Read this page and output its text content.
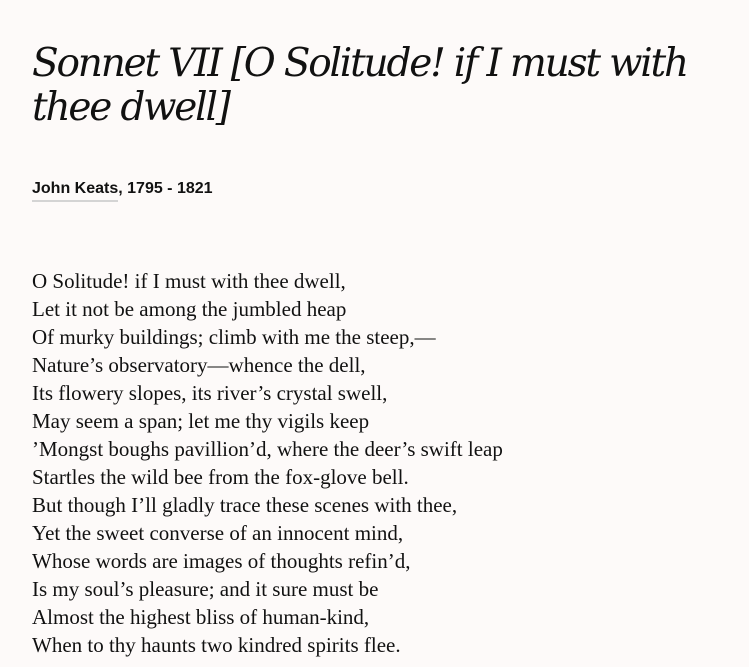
Sonnet VII [O Solitude! if I must with thee dwell]
John Keats, 1795 - 1821
O Solitude! if I must with thee dwell,
Let it not be among the jumbled heap
Of murky buildings; climb with me the steep,—
Nature’s observatory—whence the dell,
Its flowery slopes, its river’s crystal swell,
May seem a span; let me thy vigils keep
’Mongst boughs pavillion’d, where the deer’s swift leap
Startles the wild bee from the fox-glove bell.
But though I’ll gladly trace these scenes with thee,
Yet the sweet converse of an innocent mind,
Whose words are images of thoughts refin’d,
Is my soul’s pleasure; and it sure must be
Almost the highest bliss of human-kind,
When to thy haunts two kindred spirits flee.
